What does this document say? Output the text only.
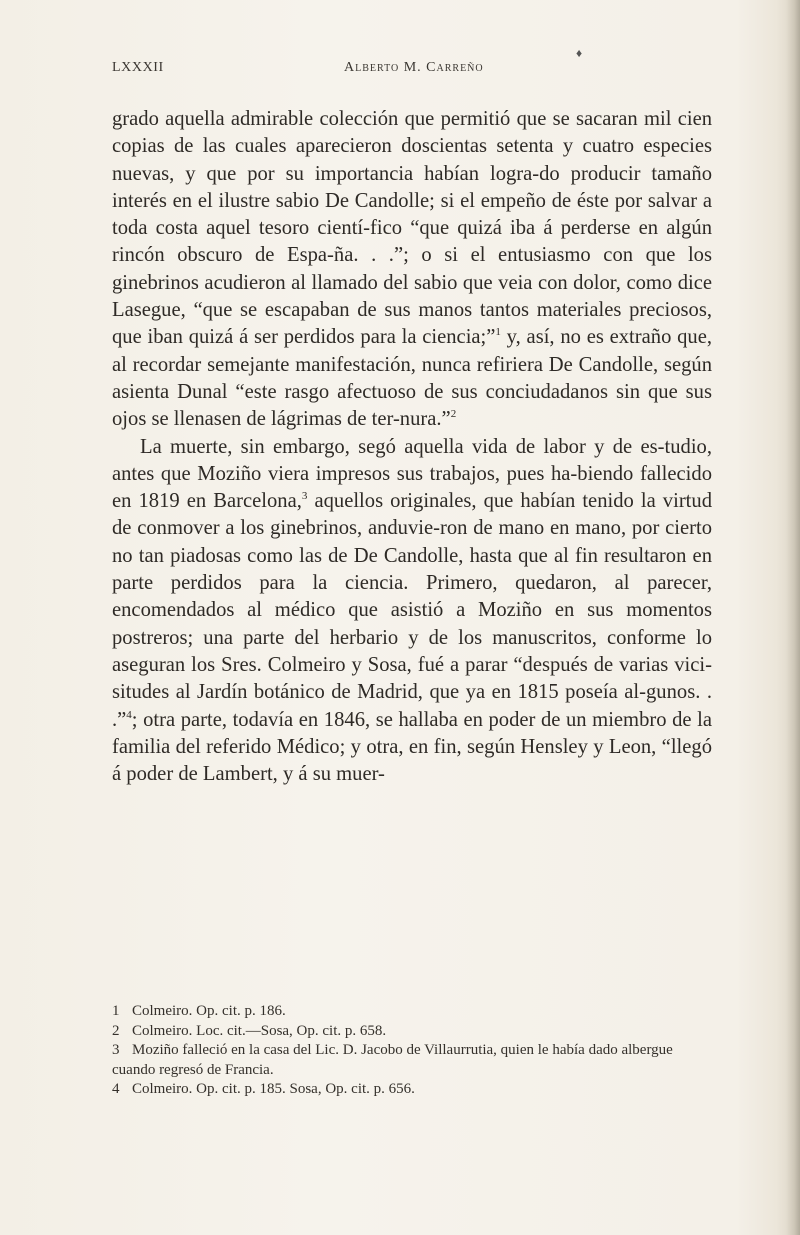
LXXXII	Alberto M. Carreño
♦

grado aquella admirable colección que permitió que se sacaran mil cien copias de las cuales aparecieron doscientas setenta y cuatro especies nuevas, y que por su importancia habían logra-do producir tamaño interés en el ilustre sabio De Candolle; si el empeño de éste por salvar a toda costa aquel tesoro cientí-fico “que quizá iba á perderse en algún rincón obscuro de Espa-ña. . .”; o si el entusiasmo con que los ginebrinos acudieron al llamado del sabio que veia con dolor, como dice Lasegue, “que se escapaban de sus manos tantos materiales preciosos, que iban quizá á ser perdidos para la ciencia;”$^1$ y, así, no es extraño que, al recordar semejante manifestación, nunca refiriera De Candolle, según asienta Dunal “este rasgo afectuoso de sus conciudadanos sin que sus ojos se llenasen de lágrimas de ter-nura.”$^2$

La muerte, sin embargo, segó aquella vida de labor y de es-tudio, antes que Moziño viera impresos sus trabajos, pues ha-biendo fallecido en 1819 en Barcelona,$^3$ aquellos originales, que habían tenido la virtud de conmover a los ginebrinos, anduvie-ron de mano en mano, por cierto no tan piadosas como las de De Candolle, hasta que al fin resultaron en parte perdidos para la ciencia. Primero, quedaron, al parecer, encomendados al médico que asistió a Moziño en sus momentos postreros; una parte del herbario y de los manuscritos, conforme lo aseguran los Sres. Colmeiro y Sosa, fué a parar “después de varias vici-situdes al Jardín botánico de Madrid, que ya en 1815 poseía al-gunos. . .”$^4$; otra parte, todavía en 1846, se hallaba en poder de un miembro de la familia del referido Médico; y otra, en fin, según Hensley y Leon, “llegó á poder de Lambert, y á su muer-

1 Colmeiro. Op. cit. p. 186.

2 Colmeiro. Loc. cit.—Sosa, Op. cit. p. 658.

3 Moziño falleció en la casa del Lic. D. Jacobo de Villaurrutia, quien le había dado albergue cuando regresó de Francia.

4 Colmeiro. Op. cit. p. 185. Sosa, Op. cit. p. 656.
